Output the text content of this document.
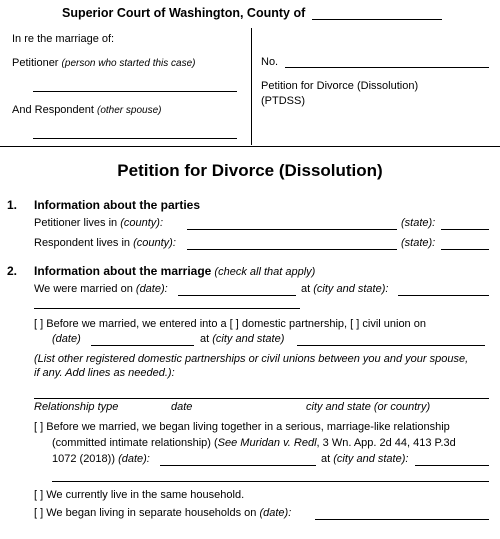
Superior Court of Washington, County of
In re the marriage of:
Petitioner (person who started this case)
And Respondent (other spouse)
No.
Petition for Divorce (Dissolution)
(PTDSS)
Petition for Divorce (Dissolution)
1. Information about the parties
Petitioner lives in (county):	(state):
Respondent lives in (county):	(state):
2. Information about the marriage (check all that apply)
We were married on (date):	at (city and state):
[ ] Before we married, we entered into a [ ] domestic partnership, [ ] civil union on
(date)	at (city and state)
(List other registered domestic partnerships or civil unions between you and your spouse,
if any. Add lines as needed.):
Relationship type	date	city and state (or country)
[ ] Before we married, we began living together in a serious, marriage-like relationship
(committed intimate relationship) (See Muridan v. Redl, 3 Wn. App. 2d 44, 413 P.3d
1072 (2018)) (date):	at (city and state):
[ ] We currently live in the same household.
[ ] We began living in separate households on (date):
